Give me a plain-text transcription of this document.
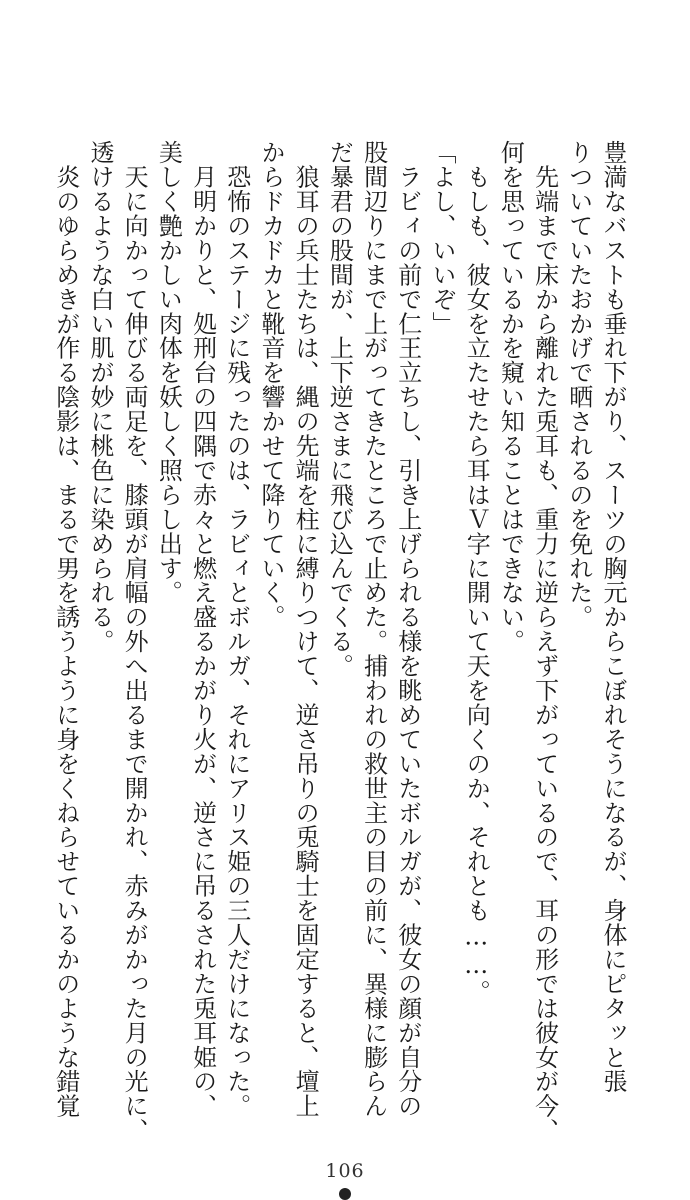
豊満なバストも垂れ下がり、スーツの胸元からこぼれそうになるが、身体にピタッと張
りついていたおかげで晒されるのを免れた。
　先端まで床から離れた兎耳も、重力に逆らえず下がっているので、耳の形では彼女が今、
何を思っているかを窺い知ることはできない。
　もしも、彼女を立たせたら耳はＶ字に開いて天を向くのか、それとも……。
「よし、いいぞ」
　ラビィの前で仁王立ちし、引き上げられる様を眺めていたボルガが、彼女の顔が自分の
股間辺りにまで上がってきたところで止めた。捕われの救世主の目の前に、異様に膨らん
だ暴君の股間が、上下逆さまに飛び込んでくる。
　狼耳の兵士たちは、縄の先端を柱に縛りつけて、逆さ吊りの兎騎士を固定すると、壇上
からドカドカと靴音を響かせて降りていく。
　恐怖のステージに残ったのは、ラビィとボルガ、それにアリス姫の三人だけになった。
　月明かりと、処刑台の四隅で赤々と燃え盛るかがり火が、逆さに吊るされた兎耳姫の、
美しく艶かしい肉体を妖しく照らし出す。
　天に向かって伸びる両足を、膝頭が肩幅の外へ出るまで開かれ、赤みがかった月の光に、
透けるような白い肌が妙に桃色に染められる。
　炎のゆらめきが作る陰影は、まるで男を誘うように身をくねらせているかのような錯覚
106
